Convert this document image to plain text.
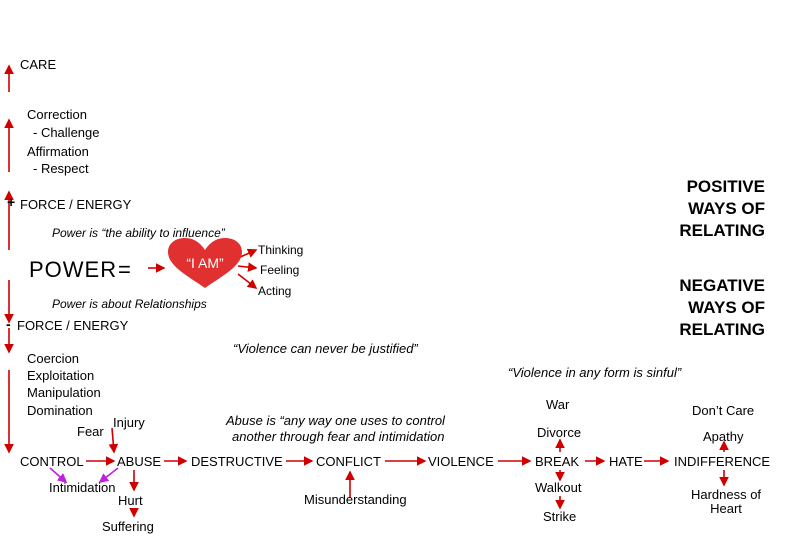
CARE
Correction
- Challenge
Affirmation
- Respect
+ FORCE / ENERGY
Power is “the ability to influence”
POWER =	“I AM”
Thinking
Feeling
Acting
Power is about Relationships
- FORCE / ENERGY
POSITIVE
WAYS OF
RELATING
NEGATIVE
WAYS OF
RELATING
“Violence can never be justified”
“Violence in any form is sinful”
Abuse is “any way one uses to control
another through fear and intimidation
Coercion
Exploitation
Manipulation
Domination
Injury
Fear
CONTROL	ABUSE DESTRUCTIVE	CONFLICT	VIOLENCE	BREAK HATE INDIFFERENCE
Intimidation
Hurt
Suffering
Misunderstanding
Walkout
Strike
Hardness of
Heart
War
Divorce
Don’t Care
Apathy
